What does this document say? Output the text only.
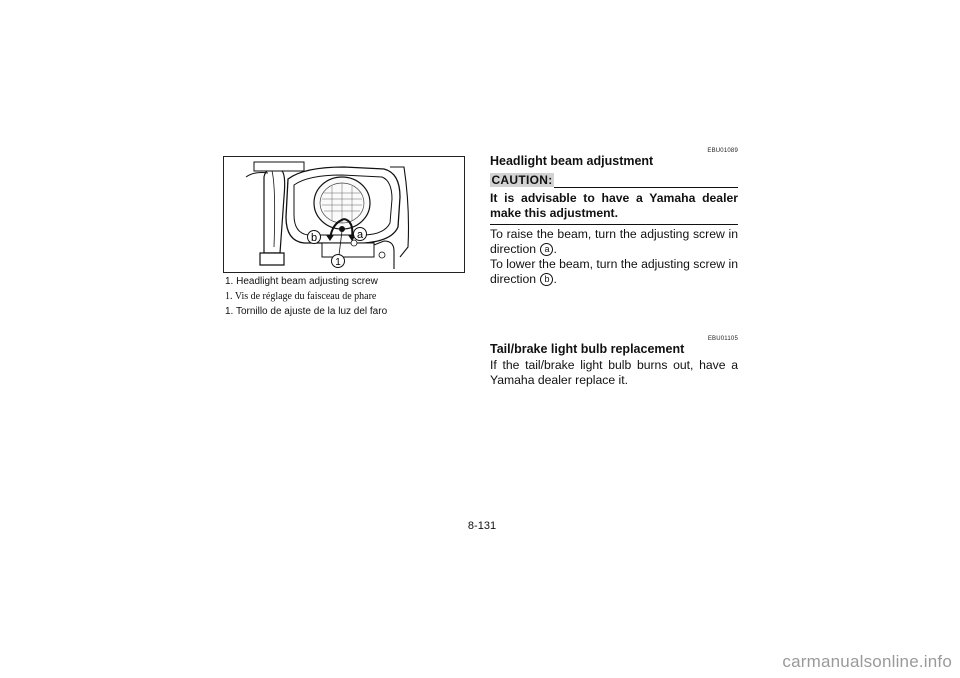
b	a
1
1. Headlight beam adjusting screw
1. Vis de réglage du faisceau de phare
1. Tornillo de ajuste de la luz del faro
EBU01089
Headlight beam adjustment
CAUTION:
It is advisable to have a Yamaha dealer make this adjustment.
To raise the beam, turn the adjusting screw in direction a .
To lower the beam, turn the adjusting screw in direction b .
EBU01105
Tail/brake light bulb replacement
If the tail/brake light bulb burns out, have a Yamaha dealer replace it.
8-131
carmanualsonline.info
